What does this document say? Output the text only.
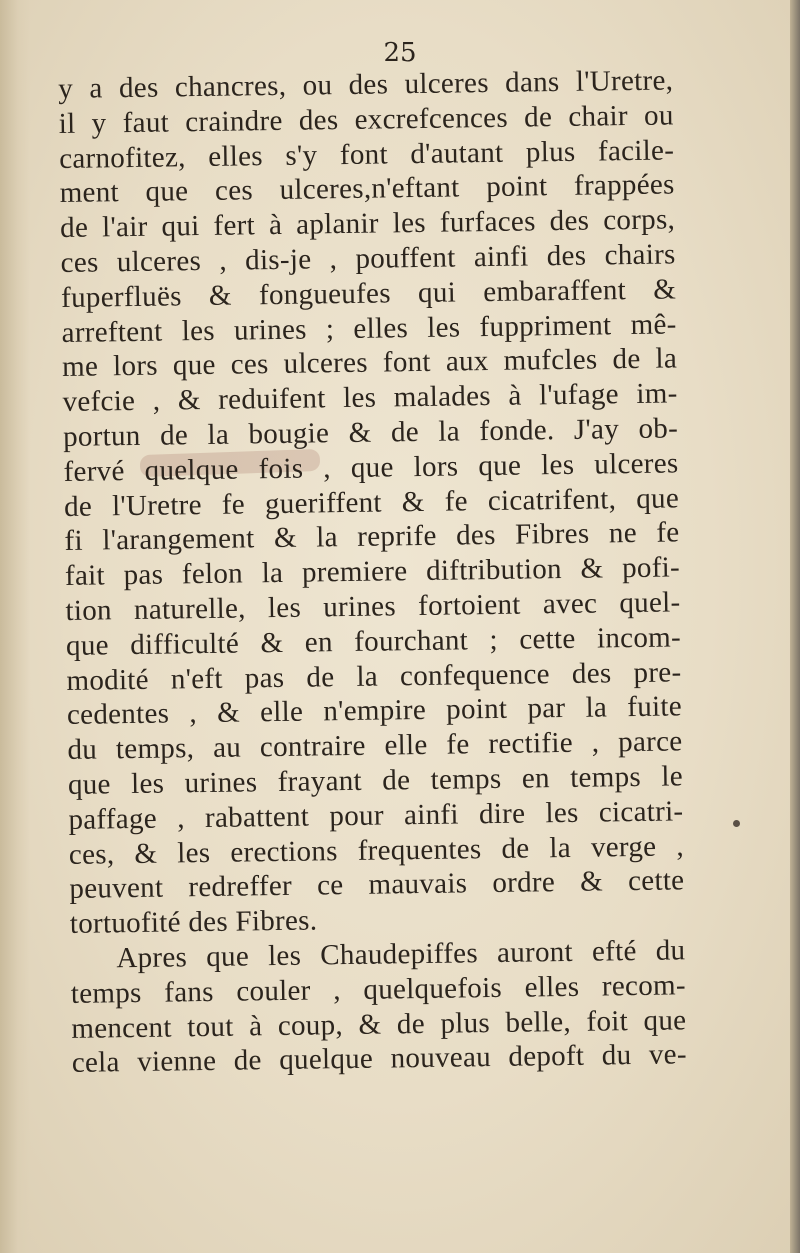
25
y a des chancres, ou des ulceres dans l'Uretre,
il y faut craindre des excrefcences de chair ou
carnofitez, elles s'y font d'autant plus facile-
ment que ces ulceres,n'eftant point frappées
de l'air qui fert à aplanir les furfaces des corps,
ces ulceres , dis-je , pouffent ainfi des chairs
fuperfluës & fongueufes qui embaraffent &
arreftent les urines ; elles les fuppriment mê-
me lors que ces ulceres font aux mufcles de la
vefcie , & reduifent les malades à l'ufage im-
portun de la bougie & de la fonde. J'ay ob-
fervé quelque fois , que lors que les ulceres
de l'Uretre fe gueriffent & fe cicatrifent, que
fi l'arangement & la reprife des Fibres ne fe
fait pas felon la premiere diftribution & pofi-
tion naturelle, les urines fortoient avec quel-
que difficulté & en fourchant ; cette incom-
modité n'eft pas de la confequence des pre-
cedentes , & elle n'empire point par la fuite
du temps, au contraire elle fe rectifie , parce
que les urines frayant de temps en temps le
paffage , rabattent pour ainfi dire les cicatri-
ces, & les erections frequentes de la verge ,
peuvent redreffer ce mauvais ordre & cette
tortuofité des Fibres.
Apres que les Chaudepiffes auront efté du
temps fans couler , quelquefois elles recom-
mencent tout à coup, & de plus belle, foit que
cela vienne de quelque nouveau depoft du ve-
